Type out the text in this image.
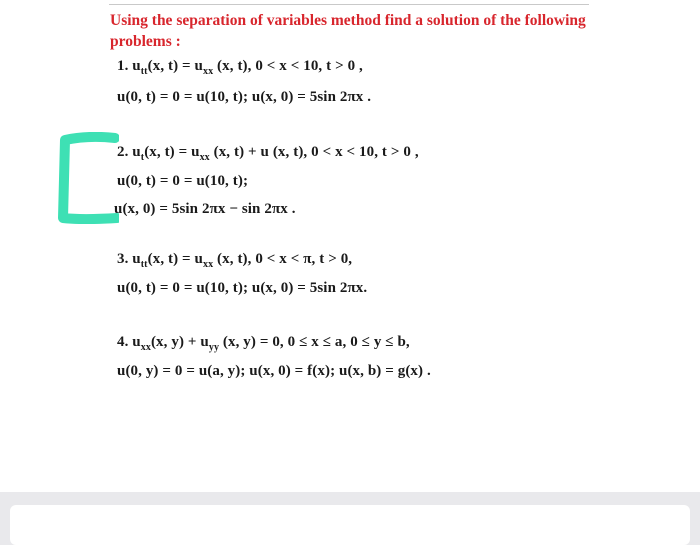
Using the separation of variables method find a solution of the following problems :
1. $u_{tt}(x$, $t) = u_{xx}$ (x, t), 0 < x < 10, t > 0 ,
u(0, t) = 0 = u(10, t); u(x, 0) = 5sin 2πx .
2. $u_t(x$, $t) = u_{xx}$ (x, t) + u (x, t), 0 < x < 10, t > 0 ,
u(0, t) = 0 = u(10, t);
u(x, 0) = 5sin 2πx − sin 2πx .
3. $u_{tt}(x$, $t) = u_{xx}$ (x, t), 0 < x < π, t > 0,
u(0, t) = 0 = u(10, t); u(x, 0) = 5sin 2πx.
4. $u_{xx}(x$, $y) + u_{yy}$ (x, y) = 0, 0 ≤ x ≤ a, 0 ≤ y ≤ b,
u(0, y) = 0 = u(a, y); u(x, 0) = f(x); u(x, b) = g(x) .
